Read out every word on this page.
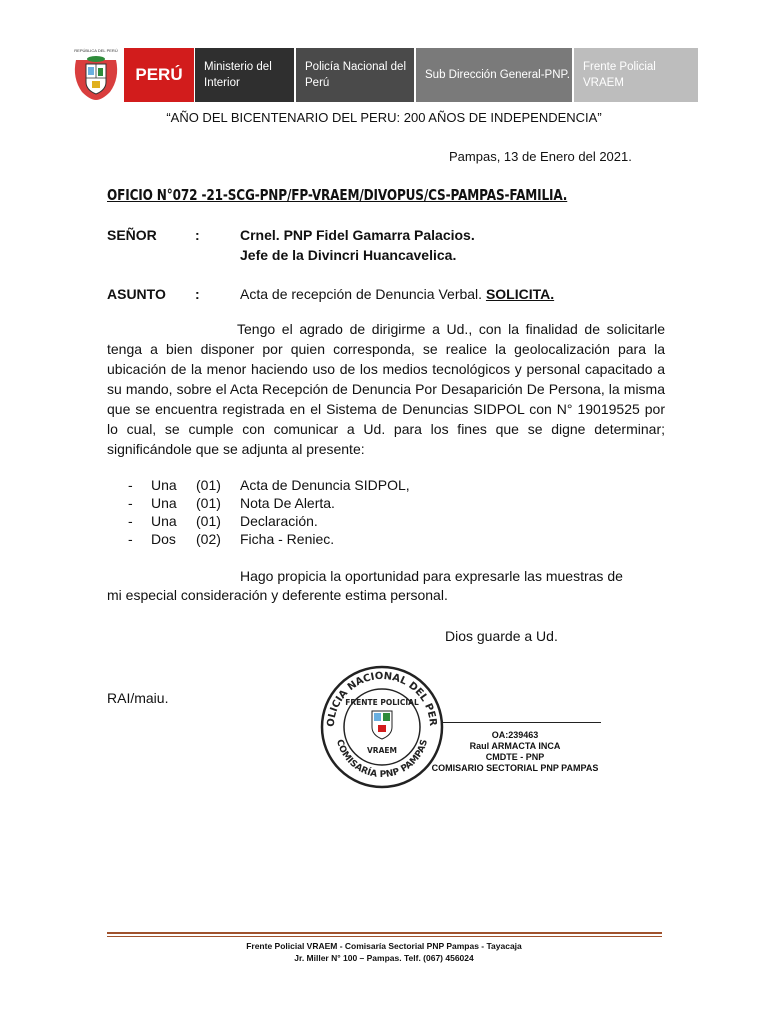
REPÚBLICA DEL PERÚ
PERÚ	Ministerio del Interior
Policía Nacional del Perú
Sub Dirección General-PNP.
Frente Policial VRAEM
“AÑO DEL BICENTENARIO DEL PERU: 200 AÑOS DE INDEPENDENCIA”
Pampas, 13 de Enero del 2021.
OFICIO N°072 -21-SCG-PNP/FP-VRAEM/DIVOPUS/CS-PAMPAS-FAMILIA.
SEÑOR	:	Crnel. PNP Fidel Gamarra Palacios.
Jefe de la Divincri Huancavelica.
ASUNTO :	Acta de recepción de Denuncia Verbal. SOLICITA.
Tengo el agrado de dirigirme a Ud., con la finalidad de solicitarle tenga a bien disponer por quien corresponda, se realice la geolocalización para la ubicación de la menor haciendo uso de los medios tecnológicos y personal capacitado a su mando, sobre el Acta Recepción de Denuncia Por Desaparición De Persona, la misma que se encuentra registrada en el Sistema de Denuncias SIDPOL con N° 19019525 por lo cual, se cumple con comunicar a Ud. para los fines que se digne determinar; significándole que se adjunta al presente:
- Una (01) Acta de Denuncia SIDPOL,
- Una (01) Nota De Alerta.
- Una (01) Declaración.
- Dos (02) Ficha - Reniec.
Hago propicia la oportunidad para expresarle las muestras de
mi especial consideración y deferente estima personal.
Dios guarde a Ud.
RAI/maiu.
OLICIA NACIONAL DEL PER
COMISARÍA PNP PAMPAS
FRENTE POLICIAL
VRAEM
OA:239463
Raul ARMACTA INCA
CMDTE - PNP
COMISARIO SECTORIAL PNP PAMPAS
Frente Policial VRAEM - Comisaría Sectorial PNP Pampas - Tayacaja
Jr. Miller N° 100 – Pampas. Telf. (067) 456024
